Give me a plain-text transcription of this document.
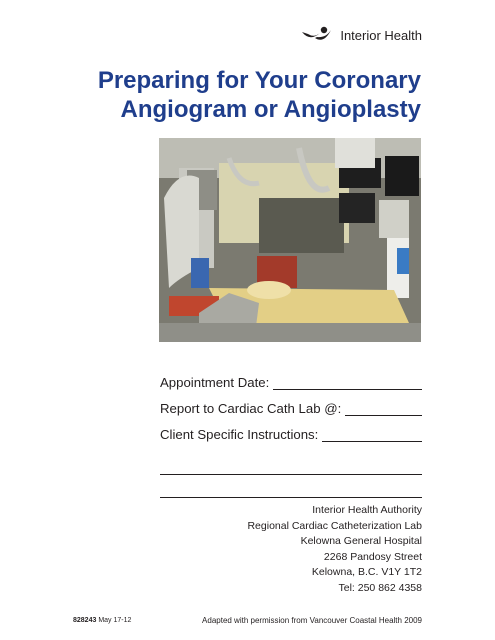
Interior Health
Preparing for Your Coronary
Angiogram or Angioplasty
Appointment Date:
Report to Cardiac Cath Lab @:
Client Specific Instructions:
Interior Health Authority
Regional Cardiac Catheterization Lab
Kelowna General Hospital
2268 Pandosy Street
Kelowna, B.C. V1Y 1T2
Tel: 250 862 4358
828243 May 17-12	Adapted with permission from Vancouver Coastal Health 2009
